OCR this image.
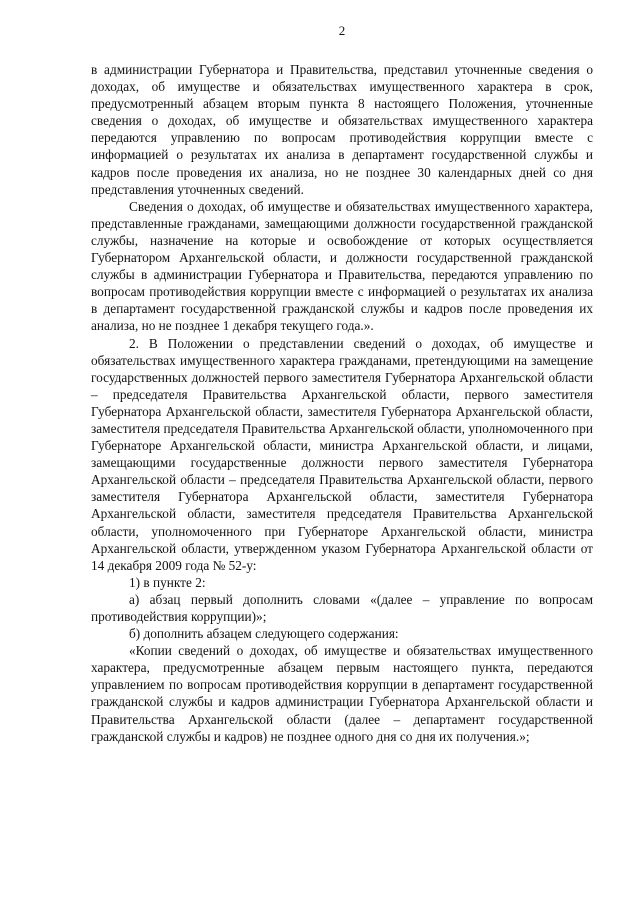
2

в администрации Губернатора и Правительства, представил уточненные сведения о доходах, об имуществе и обязательствах имущественного характера в срок, предусмотренный абзацем вторым пункта 8 настоящего Положения, уточненные сведения о доходах, об имуществе и обязательствах имущественного характера передаются управлению по вопросам противодействия коррупции вместе с информацией о результатах их анализа в департамент государственной службы и кадров после проведения их анализа, но не позднее 30 календарных дней со дня представления уточненных сведений.

Сведения о доходах, об имуществе и обязательствах имущественного характера, представленные гражданами, замещающими должности государственной гражданской службы, назначение на которые и освобождение от которых осуществляется Губернатором Архангельской области, и должности государственной гражданской службы в администрации Губернатора и Правительства, передаются управлению по вопросам противодействия коррупции вместе с информацией о результатах их анализа в департамент государственной гражданской службы и кадров после проведения их анализа, но не позднее 1 декабря текущего года.».

2. В Положении о представлении сведений о доходах, об имуществе и обязательствах имущественного характера гражданами, претендующими на замещение государственных должностей первого заместителя Губернатора Архангельской области – председателя Правительства Архангельской области, первого заместителя Губернатора Архангельской области, заместителя Губернатора Архангельской области, заместителя председателя Правительства Архангельской области, уполномоченного при Губернаторе Архангельской области, министра Архангельской области, и лицами, замещающими государственные должности первого заместителя Губернатора Архангельской области – председателя Правительства Архангельской области, первого заместителя Губернатора Архангельской области, заместителя Губернатора Архангельской области, заместителя председателя Правительства Архангельской области, уполномоченного при Губернаторе Архангельской области, министра Архангельской области, утвержденном указом Губернатора Архангельской области от 14 декабря 2009 года № 52-у:

1) в пункте 2:

а) абзац первый дополнить словами «(далее – управление по вопросам противодействия коррупции)»;

б) дополнить абзацем следующего содержания:

«Копии сведений о доходах, об имуществе и обязательствах имущественного характера, предусмотренные абзацем первым настоящего пункта, передаются управлением по вопросам противодействия коррупции в департамент государственной гражданской службы и кадров администрации Губернатора Архангельской области и Правительства Архангельской области (далее – департамент государственной гражданской службы и кадров) не позднее одного дня со дня их получения.»;
